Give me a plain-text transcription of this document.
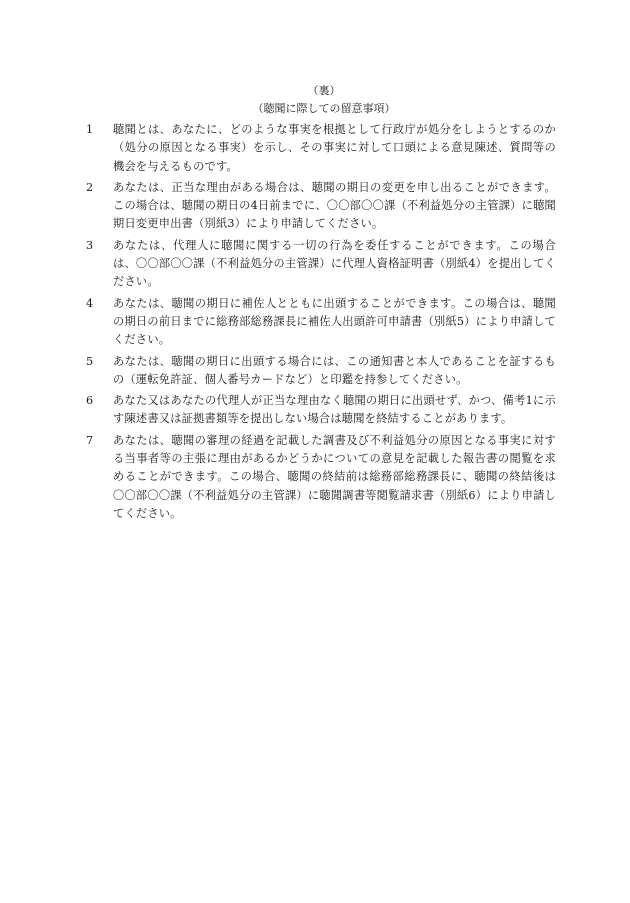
（裏）

（聴聞に際しての留意事項）

1 聴聞とは、あなたに、どのような事実を根拠として行政庁が処分をしようとするのか（処分の原因となる事実）を示し、その事実に対して口頭による意見陳述、質問等の機会を与えるものです。
2 あなたは、正当な理由がある場合は、聴聞の期日の変更を申し出ることができます。この場合は、聴聞の期日の4日前までに、〇〇部〇〇課（不利益処分の主管課）に聴聞期日変更申出書（別紙3）により申請してください。
3 あなたは、代理人に聴聞に関する一切の行為を委任することができます。この場合は、〇〇部〇〇課（不利益処分の主管課）に代理人資格証明書（別紙4）を提出してください。
4 あなたは、聴聞の期日に補佐人とともに出頭することができます。この場合は、聴聞の期日の前日までに総務部総務課長に補佐人出頭許可申請書（別紙5）により申請してください。
5 あなたは、聴聞の期日に出頭する場合には、この通知書と本人であることを証するもの（運転免許証、個人番号カードなど）と印鑑を持参してください。
6 あなた又はあなたの代理人が正当な理由なく聴聞の期日に出頭せず、かつ、備考1に示す陳述書又は証拠書類等を提出しない場合は聴聞を終結することがあります。
7 あなたは、聴聞の審理の経過を記載した調書及び不利益処分の原因となる事実に対する当事者等の主張に理由があるかどうかについての意見を記載した報告書の閲覧を求めることができます。この場合、聴聞の終結前は総務部総務課長に、聴聞の終結後は〇〇部〇〇課（不利益処分の主管課）に聴聞調書等閲覧請求書（別紙6）により申請してください。
